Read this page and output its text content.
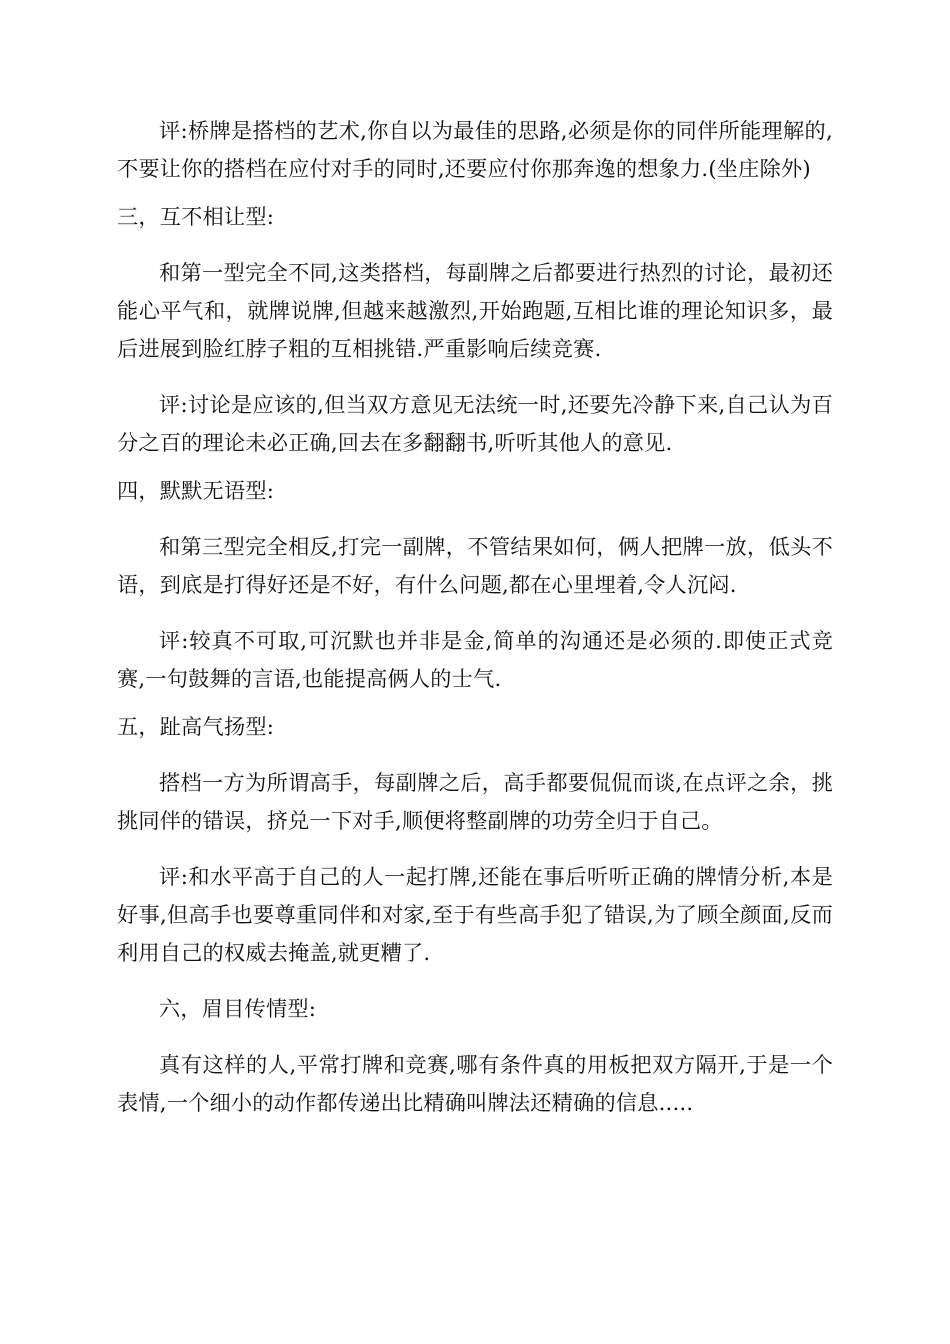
评:桥牌是搭档的艺术,你自以为最佳的思路,必须是你的同伴所能理解的,不要让你的搭档在应付对手的同时,还要应付你那奔逸的想象力.(坐庄除外)

三，互不相让型:

和第一型完全不同,这类搭档，每副牌之后都要进行热烈的讨论，最初还能心平气和，就牌说牌,但越来越激烈,开始跑题,互相比谁的理论知识多，最后进展到脸红脖子粗的互相挑错.严重影响后续竞赛.

评:讨论是应该的,但当双方意见无法统一时,还要先冷静下来,自己认为百分之百的理论未必正确,回去在多翻翻书,听听其他人的意见.

四，默默无语型:

和第三型完全相反,打完一副牌，不管结果如何，俩人把牌一放，低头不语，到底是打得好还是不好，有什么问题,都在心里埋着,令人沉闷.

评:较真不可取,可沉默也并非是金,简单的沟通还是必须的.即使正式竞赛,一句鼓舞的言语,也能提高俩人的士气.

五，趾高气扬型:

搭档一方为所谓高手，每副牌之后，高手都要侃侃而谈,在点评之余，挑挑同伴的错误，挤兑一下对手,顺便将整副牌的功劳全归于自己。

评:和水平高于自己的人一起打牌,还能在事后听听正确的牌情分析,本是好事,但高手也要尊重同伴和对家,至于有些高手犯了错误,为了顾全颜面,反而利用自己的权威去掩盖,就更糟了.

六，眉目传情型:

真有这样的人,平常打牌和竞赛,哪有条件真的用板把双方隔开,于是一个表情,一个细小的动作都传递出比精确叫牌法还精确的信息.....
